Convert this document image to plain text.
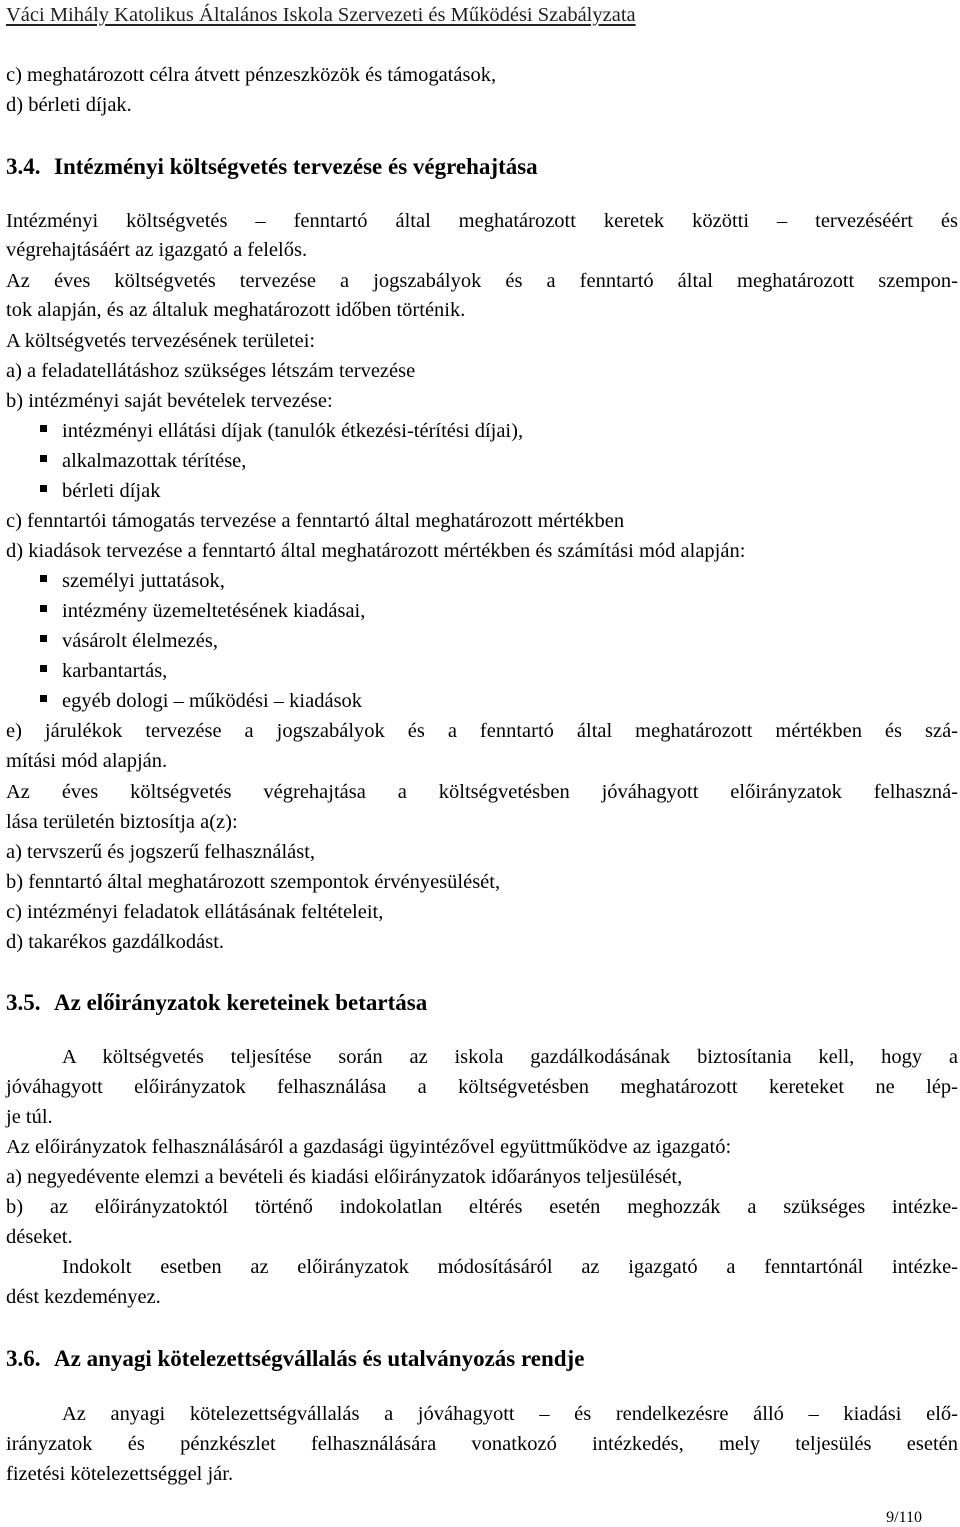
Váci Mihály Katolikus Általános Iskola Szervezeti és Működési Szabályzata
c) meghatározott célra átvett pénzeszközök és támogatások,
d) bérleti díjak.
3.4. Intézményi költségvetés tervezése és végrehajtása
Intézményi költségvetés – fenntartó által meghatározott keretek közötti – tervezéséért és
végrehajtásáért az igazgató a felelős.
Az éves költségvetés tervezése a jogszabályok és a fenntartó által meghatározott szempon-
tok alapján, és az általuk meghatározott időben történik.
A költségvetés tervezésének területei:
a) a feladatellátáshoz szükséges létszám tervezése
b) intézményi saját bevételek tervezése:
intézményi ellátási díjak (tanulók étkezési-térítési díjai),
alkalmazottak térítése,
bérleti díjak
c) fenntartói támogatás tervezése a fenntartó által meghatározott mértékben
d) kiadások tervezése a fenntartó által meghatározott mértékben és számítási mód alapján:
személyi juttatások,
intézmény üzemeltetésének kiadásai,
vásárolt élelmezés,
karbantartás,
egyéb dologi – működési – kiadások
e) járulékok tervezése a jogszabályok és a fenntartó által meghatározott mértékben és szá-
mítási mód alapján.
Az éves költségvetés végrehajtása a költségvetésben jóváhagyott előirányzatok felhaszná-
lása területén biztosítja a(z):
a) tervszerű és jogszerű felhasználást,
b) fenntartó által meghatározott szempontok érvényesülését,
c) intézményi feladatok ellátásának feltételeit,
d) takarékos gazdálkodást.
3.5. Az előirányzatok kereteinek betartása
A költségvetés teljesítése során az iskola gazdálkodásának biztosítania kell, hogy a
jóváhagyott előirányzatok felhasználása a költségvetésben meghatározott kereteket ne lép-
je túl.
Az előirányzatok felhasználásáról a gazdasági ügyintézővel együttműködve az igazgató:
a) negyedévente elemzi a bevételi és kiadási előirányzatok időarányos teljesülését,
b) az előirányzatoktól történő indokolatlan eltérés esetén meghozzák a szükséges intézke-
déseket.
Indokolt esetben az előirányzatok módosításáról az igazgató a fenntartónál intézke-
dést kezdeményez.
3.6. Az anyagi kötelezettségvállalás és utalványozás rendje
Az anyagi kötelezettségvállalás a jóváhagyott – és rendelkezésre álló – kiadási elő-
irányzatok és pénzkészlet felhasználására vonatkozó intézkedés, mely teljesülés esetén
fizetési kötelezettséggel jár.
9/110
